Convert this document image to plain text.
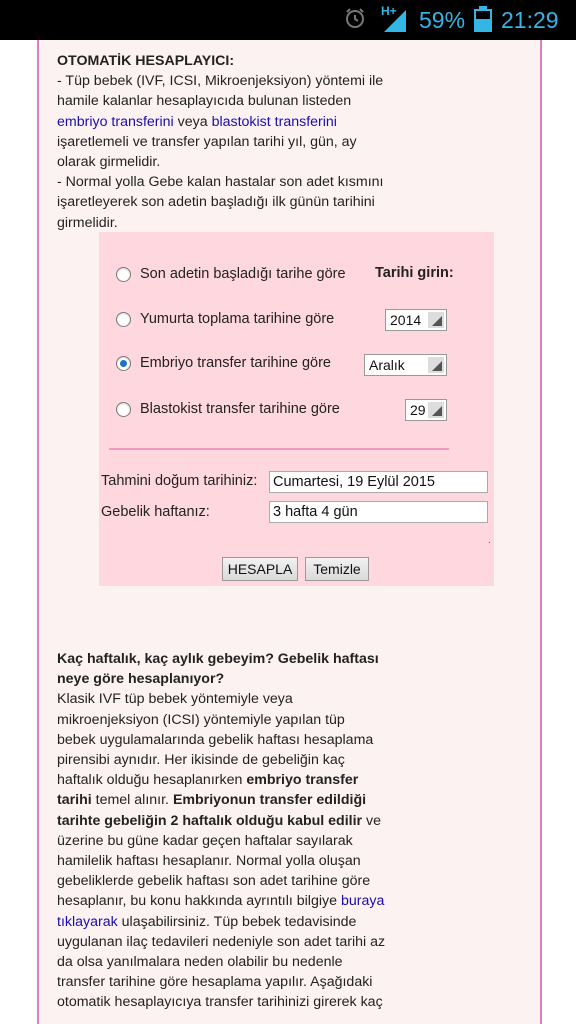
H+ 59% 21:29
OTOMATİK HESAPLAYICI:
- Tüp bebek (IVF, ICSI, Mikroenjeksiyon) yöntemi ile hamile kalanlar hesaplayıcıda bulunan listeden embriyo transferini veya blastokist transferini işaretlemeli ve transfer yapılan tarihi yıl, gün, ay olarak girmelidir.
- Normal yolla Gebe kalan hastalar son adet kısmını işaretleyerek son adetin başladığı ilk günün tarihini girmelidir.
Son adetin başladığı tarihe göre
Yumurta toplama tarihine göre
Embriyo transfer tarihine göre
Blastokist transfer tarihine göre
Tarihi girin:
2014
Aralık
29
Tahmini doğum tarihiniz: Cumartesi, 19 Eylül 2015
Gebelik haftanız:	3 hafta 4 gün
.
HESAPLA	Temizle
Kaç haftalık, kaç aylık gebeyim? Gebelik haftası neye göre hesaplanıyor?
Klasik IVF tüp bebek yöntemiyle veya mikroenjeksiyon (ICSI) yöntemiyle yapılan tüp bebek uygulamalarında gebelik haftası hesaplama pirensibi aynıdır. Her ikisinde de gebeliğin kaç haftalık olduğu hesaplanırken embriyo transfer tarihi temel alınır. Embriyonun transfer edildiği tarihte gebeliğin 2 haftalık olduğu kabul edilir ve üzerine bu güne kadar geçen haftalar sayılarak hamilelik haftası hesaplanır. Normal yolla oluşan gebeliklerde gebelik haftası son adet tarihine göre hesaplanır, bu konu hakkında ayrıntılı bilgiye buraya tıklayarak ulaşabilirsiniz. Tüp bebek tedavisinde uygulanan ilaç tedavileri nedeniyle son adet tarihi az da olsa yanılmalara neden olabilir bu nedenle transfer tarihine göre hesaplama yapılır. Aşağıdaki otomatik hesaplayıcıya transfer tarihinizi girerek kaç
